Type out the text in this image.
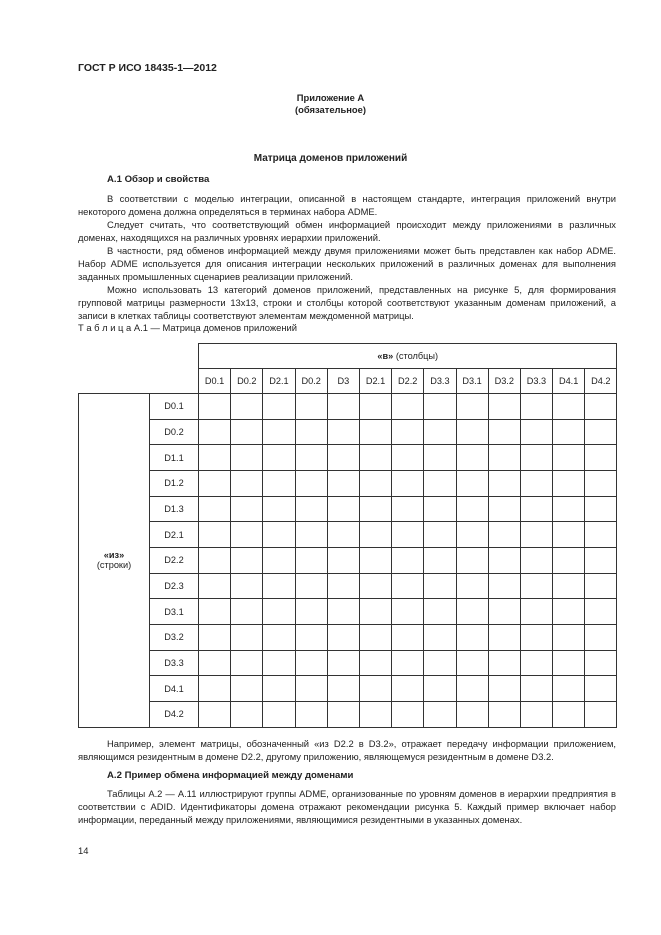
ГОСТ Р ИСО 18435-1—2012
Приложение А
(обязательное)
Матрица доменов приложений
А.1 Обзор и свойства

В соответствии с моделью интеграции, описанной в настоящем стандарте, интеграция приложений внутри некоторого домена должна определяться в терминах набора ADME.

Следует считать, что соответствующий обмен информацией происходит между приложениями в различных доменах, находящихся на различных уровнях иерархии приложений.

В частности, ряд обменов информацией между двумя приложениями может быть представлен как набор ADME. Набор ADME используется для описания интеграции нескольких приложений в различных доменах для выполнения заданных промышленных сценариев реализации приложений.

Можно использовать 13 категорий доменов приложений, представленных на рисунке 5, для формирования групповой матрицы размерности 13x13, строки и столбцы которой соответствуют указанным доменам приложений, а записи в клетках таблицы соответствуют элементам междоменной матрицы.

Т а б л и ц а А.1 — Матрица доменов приложений
		«в» (столбцы)												
		D0.1	D0.2	D2.1	D0.2	D3	D2.1	D2.2	D3.3	D3.1	D3.2	D3.3	D4.1	D4.2
«из»
(строки)	D0.1													
	D0.2													
	D1.1													
	D1.2													
	D1.3													
	D2.1													
	D2.2													
	D2.3													
	D3.1													
	D3.2													
	D3.3													
	D4.1													
	D4.2													

Например, элемент матрицы, обозначенный «из D2.2 в D3.2», отражает передачу информации приложением, являющимся резидентным в домене D2.2, другому приложению, являющемуся резидентным в домене D3.2.

А.2 Пример обмена информацией между доменами

Таблицы А.2 — А.11 иллюстрируют группы ADME, организованные по уровням доменов в иерархии предприятия в соответствии с ADID. Идентификаторы домена отражают рекомендации рисунка 5. Каждый пример включает набор информации, переданный между приложениями, являющимися резидентными в указанных доменах.

14
